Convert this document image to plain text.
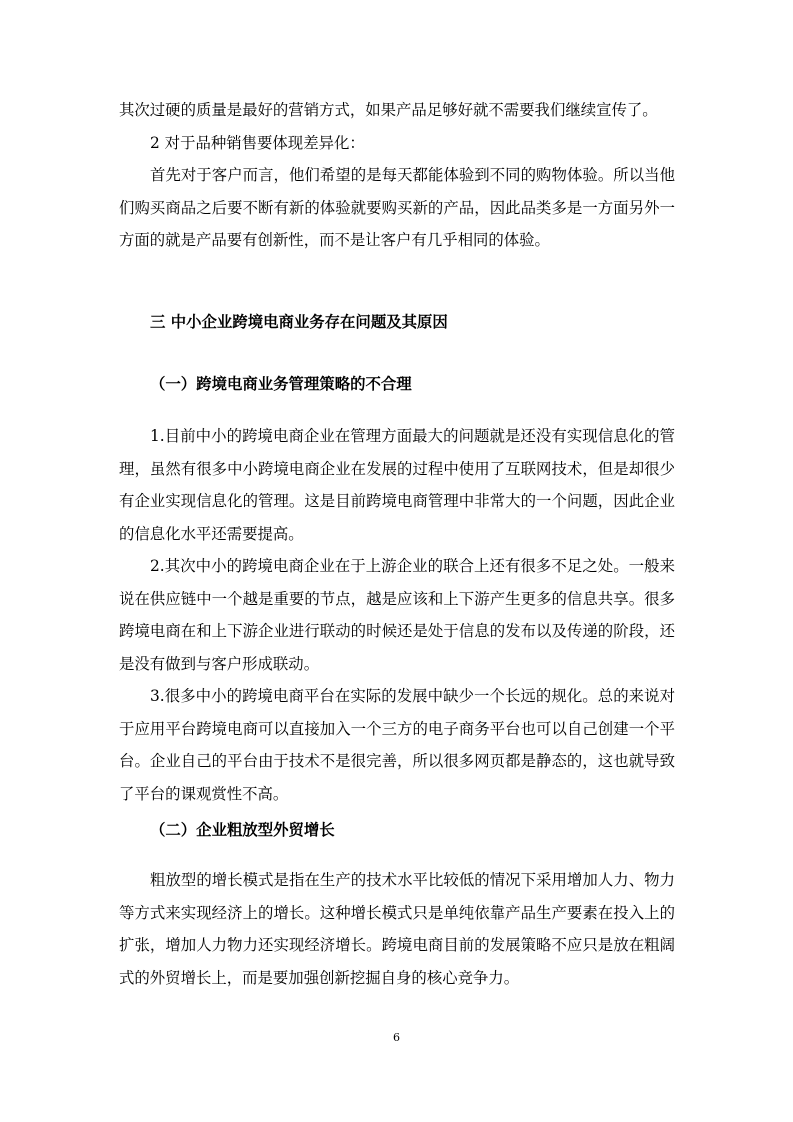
其次过硬的质量是最好的营销方式，如果产品足够好就不需要我们继续宣传了。

2 对于品种销售要体现差异化：

首先对于客户而言，他们希望的是每天都能体验到不同的购物体验。所以当他们购买商品之后要不断有新的体验就要购买新的产品，因此品类多是一方面另外一方面的就是产品要有创新性，而不是让客户有几乎相同的体验。

三 中小企业跨境电商业务存在问题及其原因
（一）跨境电商业务管理策略的不合理

1.目前中小的跨境电商企业在管理方面最大的问题就是还没有实现信息化的管理，虽然有很多中小跨境电商企业在发展的过程中使用了互联网技术，但是却很少有企业实现信息化的管理。这是目前跨境电商管理中非常大的一个问题，因此企业的信息化水平还需要提高。

2.其次中小的跨境电商企业在于上游企业的联合上还有很多不足之处。一般来说在供应链中一个越是重要的节点，越是应该和上下游产生更多的信息共享。很多跨境电商在和上下游企业进行联动的时候还是处于信息的发布以及传递的阶段，还是没有做到与客户形成联动。

3.很多中小的跨境电商平台在实际的发展中缺少一个长远的规化。总的来说对于应用平台跨境电商可以直接加入一个三方的电子商务平台也可以自己创建一个平台。企业自己的平台由于技术不是很完善，所以很多网页都是静态的，这也就导致了平台的课观赏性不高。

（二）企业粗放型外贸增长

粗放型的增长模式是指在生产的技术水平比较低的情况下采用增加人力、物力等方式来实现经济上的增长。这种增长模式只是单纯依靠产品生产要素在投入上的扩张，增加人力物力还实现经济增长。跨境电商目前的发展策略不应只是放在粗阔式的外贸增长上，而是要加强创新挖掘自身的核心竞争力。

6
